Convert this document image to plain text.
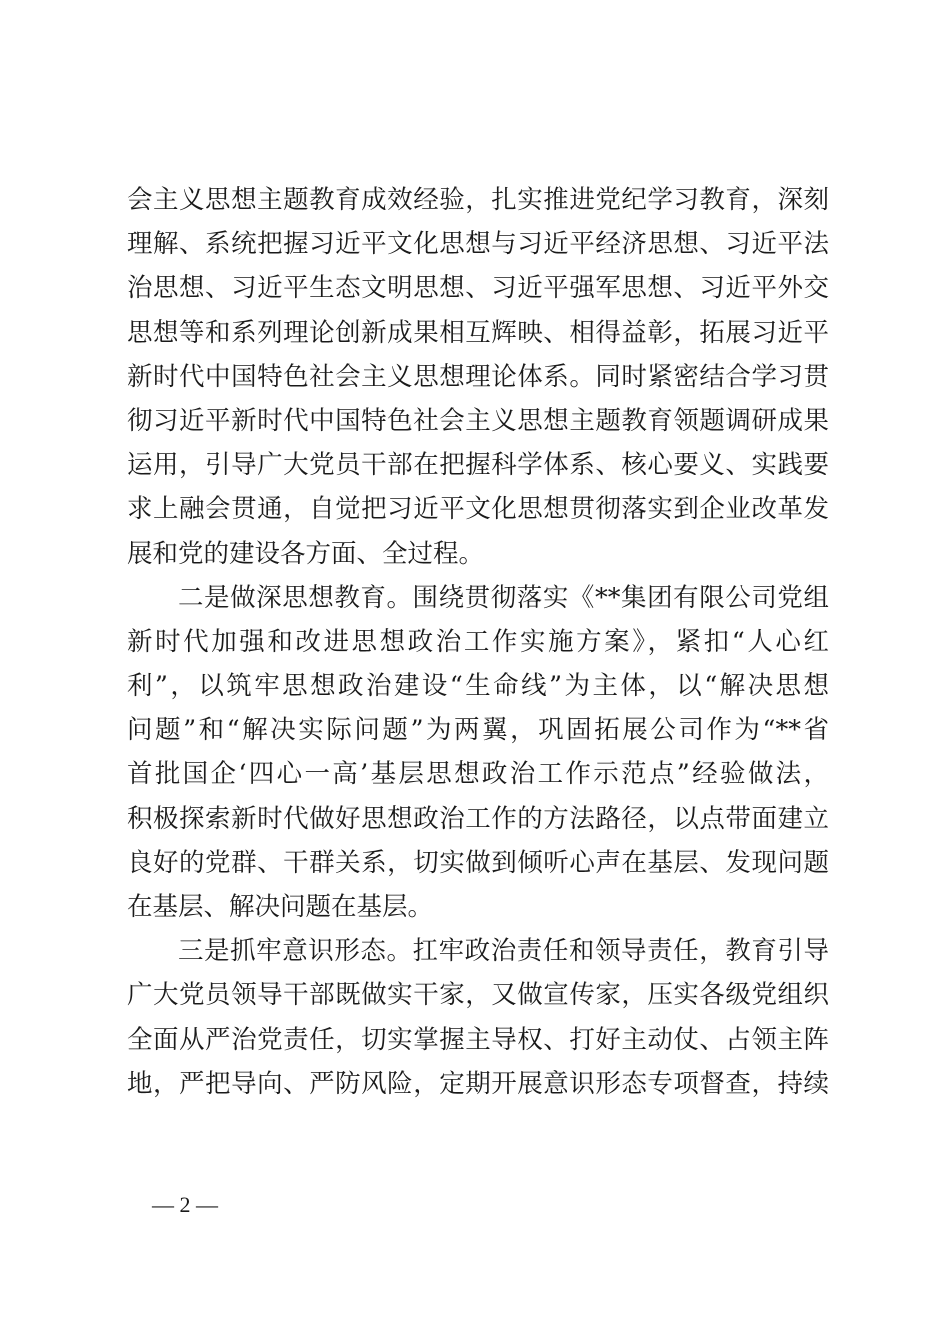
会主义思想主题教育成效经验，扎实推进党纪学习教育，深刻
理解、系统把握习近平文化思想与习近平经济思想、习近平法
治思想、习近平生态文明思想、习近平强军思想、习近平外交
思想等和系列理论创新成果相互辉映、相得益彰，拓展习近平
新时代中国特色社会主义思想理论体系。同时紧密结合学习贯
彻习近平新时代中国特色社会主义思想主题教育领题调研成果
运用，引导广大党员干部在把握科学体系、核心要义、实践要
求上融会贯通，自觉把习近平文化思想贯彻落实到企业改革发
展和党的建设各方面、全过程。
二是做深思想教育。围绕贯彻落实《**集团有限公司党组
新时代加强和改进思想政治工作实施方案》，紧扣“人心红
利”，以筑牢思想政治建设“生命线”为主体，以“解决思想
问题”和“解决实际问题”为两翼，巩固拓展公司作为“**省
首批国企‘四心一高’基层思想政治工作示范点”经验做法，
积极探索新时代做好思想政治工作的方法路径，以点带面建立
良好的党群、干群关系，切实做到倾听心声在基层、发现问题
在基层、解决问题在基层。
三是抓牢意识形态。扛牢政治责任和领导责任，教育引导
广大党员领导干部既做实干家，又做宣传家，压实各级党组织
全面从严治党责任，切实掌握主导权、打好主动仗、占领主阵
地，严把导向、严防风险，定期开展意识形态专项督查，持续
— 2 —
